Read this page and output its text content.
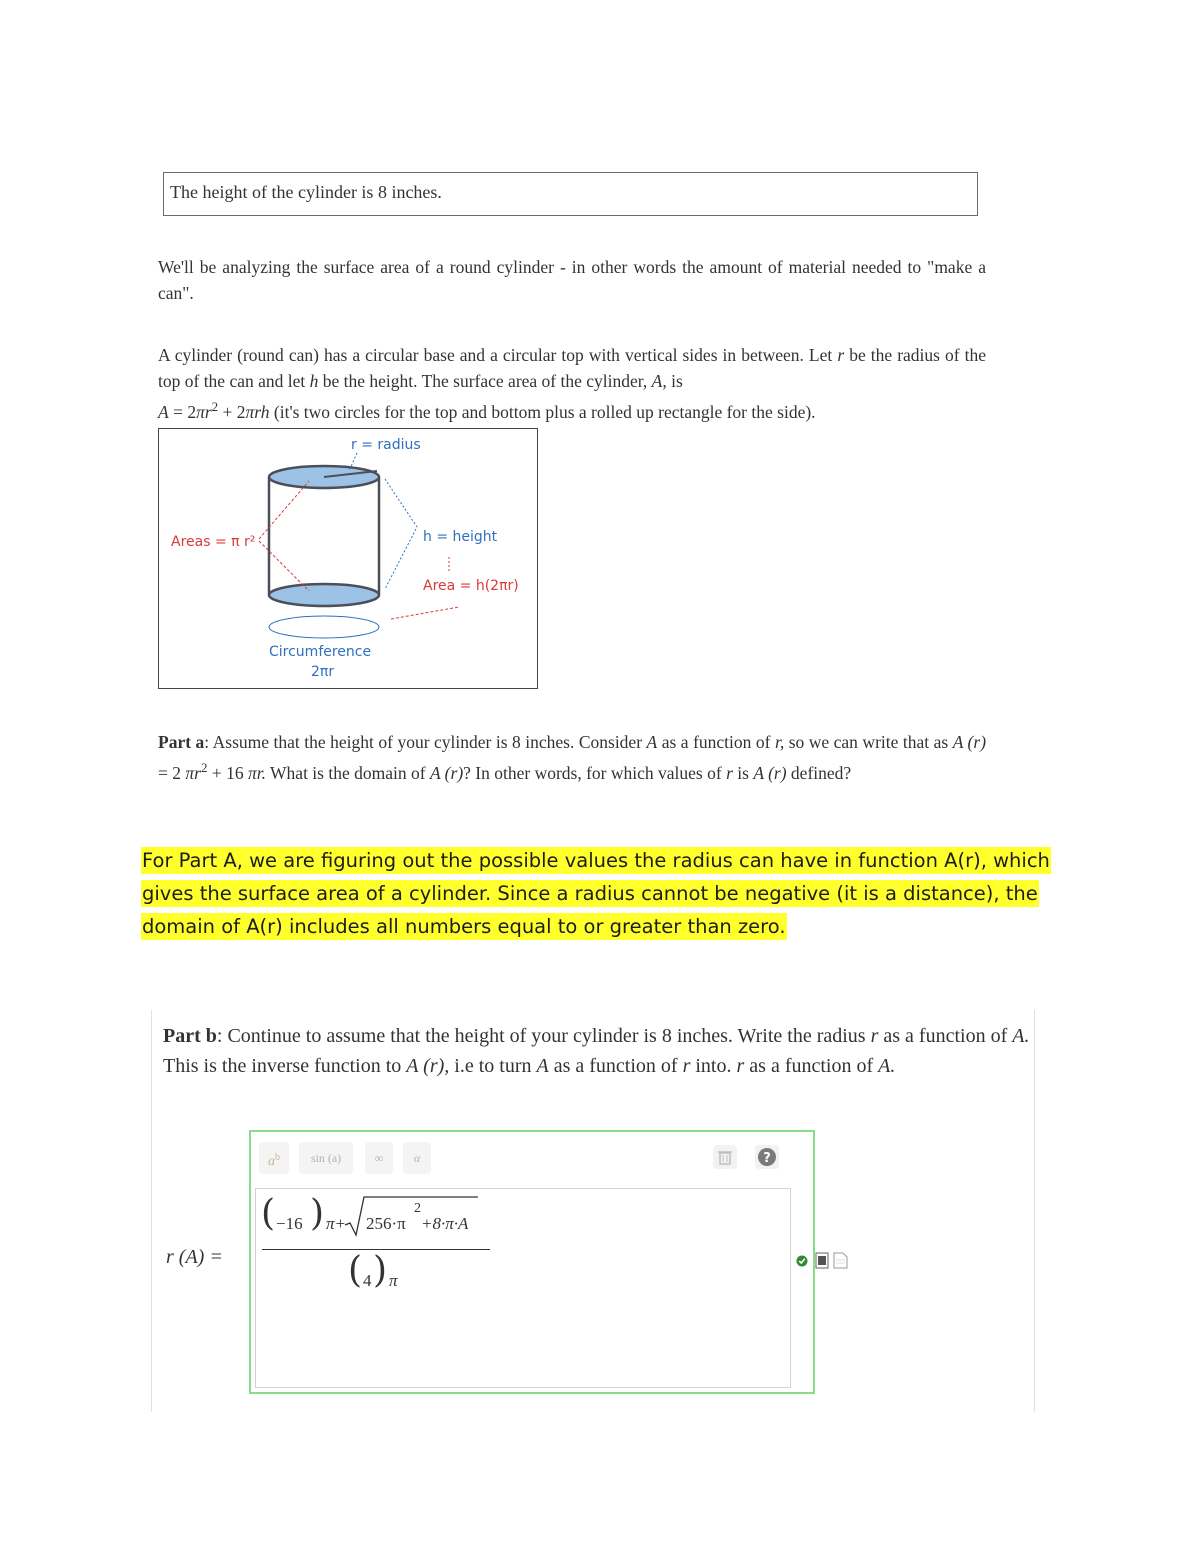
The height of the cylinder is 8 inches.
We'll be analyzing the surface area of a round cylinder - in other words the amount of material needed to "make a can".
A cylinder (round can) has a circular base and a circular top with vertical sides in between. Let r be the radius of the top of the can and let h be the height. The surface area of the cylinder, A, is
$A = 2\pi r^2 + 2\pi rh$ (it's two circles for the top and bottom plus a rolled up rectangle for the side).
r = radius
Areas = π r²	h = height
Area = h(2πr)
Circumference
2πr
Part a: Assume that the height of your cylinder is 8 inches. Consider A as a function of r, so we can write that as A (r) = 2 $\pi r^2 + 16$ πr. What is the domain of A (r)? In other words, for which values of r is A (r) defined?
For Part A, we are figuring out the possible values the radius can have in function A(r), which gives the surface area of a cylinder. Since a radius cannot be negative (it is a distance), the domain of A(r) includes all numbers equal to or greater than zero.
Part b: Continue to assume that the height of your cylinder is 8 inches. Write the radius r as a function of A. This is the inverse function to A (r), i.e to turn A as a function of r into. r as a function of A.
r (A) =
$a^b$	sin (a)	∞	α	?
( −16 ) π+ 256·π
2
+8·π·A
( 4 ) π
